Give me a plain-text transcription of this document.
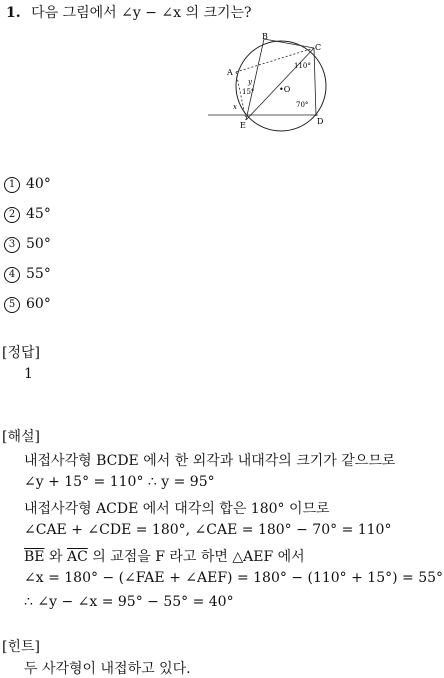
1. 다음 그림에서 ∠y − ∠x 의 크기는?
B
C
A
D
E
•O
110°
70°
15°
y
x
1 40°
2 45°
3 50°
4 55°
5 60°
[정답]
1
[해설]
내접사각형 BCDE 에서 한 외각과 내대각의 크기가 같으므로
∠y + 15° = 110° ∴ y = 95°
내접사각형 ACDE 에서 대각의 합은 180° 이므로
∠CAE + ∠CDE = 180°, ∠CAE = 180° − 70° = 110°
$\overline{BE}$ 와 $\overline{AC}$ 의 교점을 F 라고 하면 △AEF 에서
∠x = 180° − (∠FAE + ∠AEF) = 180° − (110° + 15°) = 55°
∴ ∠y − ∠x = 95° − 55° = 40°
[힌트]
두 사각형이 내접하고 있다.
